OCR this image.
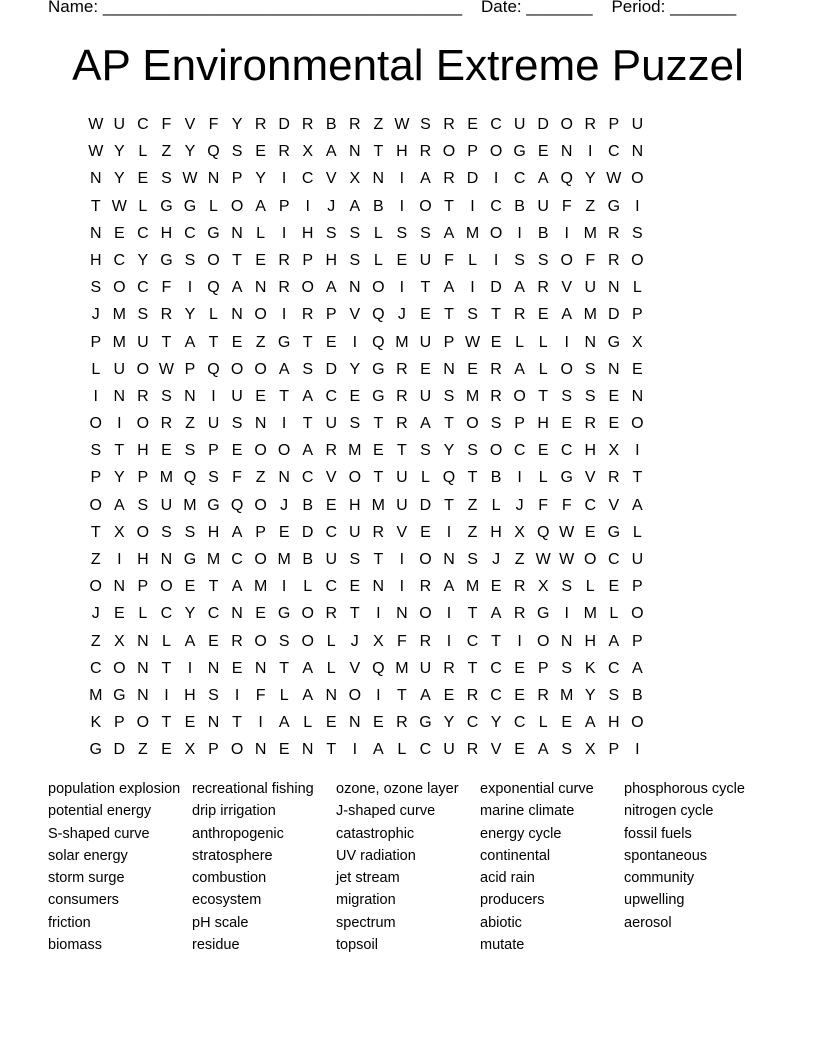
Name: ______________________________________ Date: _______ Period: _______
AP Environmental Extreme Puzzel
W U C F V F Y R D R B R Z W S R E C U D O R P U
W Y L Z Y Q S E R X A N T H R O P O G E N I C N
N Y E S W N P Y I C V X N I A R D I C A Q Y W O
T W L G G L O A P I	J A B I O T	I C B U F Z G I
N E C H C G N L	I H S S L S S A M O I B I M R S
H C Y G S O T E R P H S L E U F L	I S S O F R O
S O C F	I Q A N R O A N O I	T A I D A R V U N L
J M S R Y L N O I R P V Q J E T S T R E A M D P
P M U T A T E Z G T E I Q M U P W E L L	I N G X
L U O W P Q O O A S D Y G R E N E R A L O S N E
I N R S N I U E T A C E G R U S M R O T S S E N
O I O R Z U S N I	T U S T R A T O S P H E R E O
S T H E S P E O O A R M E T S Y S O C E C H X I
P Y P M Q S F Z N C V O T U L Q T B I	L G V R T
O A S U M G Q O J B E H M U D T Z L J F F C V A
T X O S S H A P E D C U R V E I	Z H X Q W E G L
Z	I H N G M C O M B U S T	I O N S J Z W W O C U
O N P O E T A M I	L C E N I R A M E R X S L E P
J E L C Y C N E G O R T	I N O I	T A R G I M L O
Z X N L A E R O S O L J X F R I C T	I O N H A P
C O N T	I N E N T A L V Q M U R T C E P S K C A
M G N I H S I	F L A N O I	T A E R C E R M Y S B
K P O T E N T	I A L E N E R G Y C Y C L E A H O
G D Z E X P O N E N T	I A L C U R V E A S X P I
population explosion
potential energy
S-shaped curve
solar energy
storm surge
consumers
friction
biomass
recreational fishing
drip irrigation
anthropogenic
stratosphere
combustion
ecosystem
pH scale
residue
ozone, ozone layer
J-shaped curve
catastrophic
UV radiation
jet stream
migration
spectrum
topsoil
exponential curve
marine climate
energy cycle
continental
acid rain
producers
abiotic
mutate
phosphorous cycle
nitrogen cycle
fossil fuels
spontaneous
community
upwelling
aerosol
